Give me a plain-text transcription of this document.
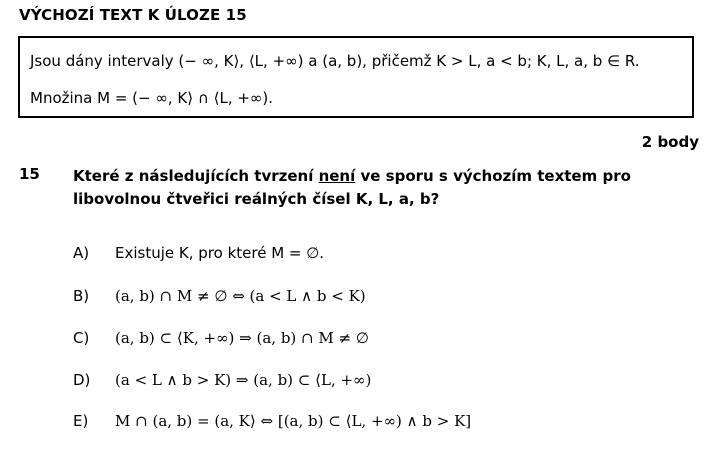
VÝCHOZÍ TEXT K ÚLOZE 15
Jsou dány intervaly (− ∞, K⟩, ⟨L, +∞) a (a, b), přičemž K > L, a < b; K, L, a, b ∈ R.
Množina M = (− ∞, K⟩ ∩ ⟨L, +∞).
2 body
15 Které z následujících tvrzení není ve sporu s výchozím textem pro libovolnou čtveřici reálných čísel K, L, a, b?
A) Existuje K, pro které M = ∅.
B) (a, b) ∩ M ≠ ∅ ⇔ (a < L ∧ b < K)
C) (a, b) ⊂ ⟨K, +∞) ⇒ (a, b) ∩ M ≠ ∅
D) (a < L ∧ b > K) ⇒ (a, b) ⊂ ⟨L, +∞)
E) M ∩ (a, b) = (a, K⟩ ⇔ [(a, b) ⊂ ⟨L, +∞) ∧ b > K]
